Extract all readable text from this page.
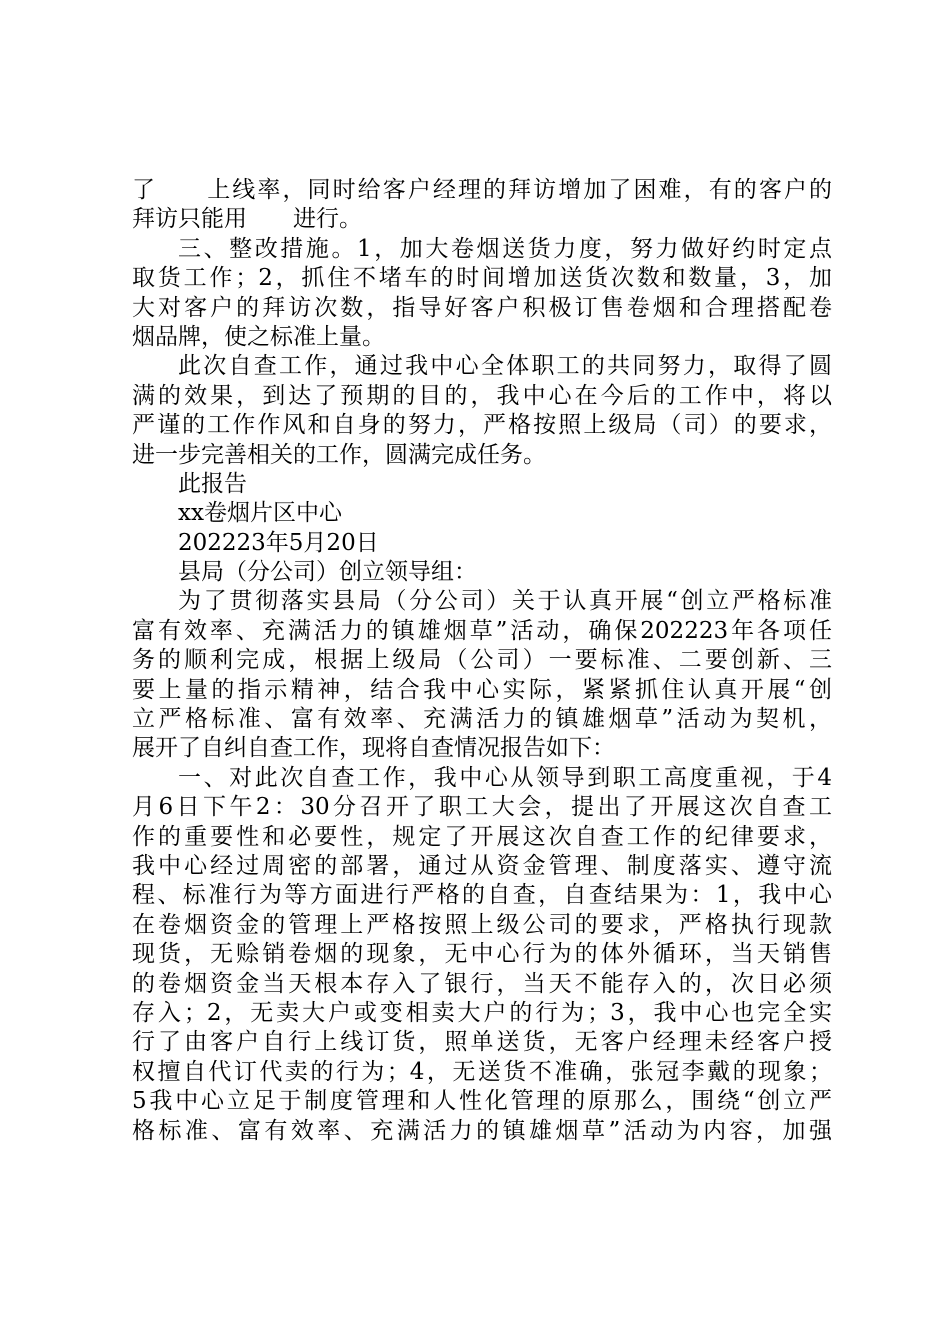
了　　上线率，同时给客户经理的拜访增加了困难，有的客户的
拜访只能用　　进行。
三、整改措施。1，加大卷烟送货力度，努力做好约时定点
取货工作；2，抓住不堵车的时间增加送货次数和数量，3，加
大对客户的拜访次数，指导好客户积极订售卷烟和合理搭配卷
烟品牌，使之标准上量。
此次自查工作，通过我中心全体职工的共同努力，取得了圆
满的效果，到达了预期的目的，我中心在今后的工作中，将以
严谨的工作作风和自身的努力，严格按照上级局（司）的要求，
进一步完善相关的工作，圆满完成任务。
此报告
xx卷烟片区中心
202223年5月20日
县局（分公司）创立领导组：
为了贯彻落实县局（分公司）关于认真开展“创立严格标准
富有效率、充满活力的镇雄烟草”活动，确保202223年各项任
务的顺利完成，根据上级局（公司）一要标准、二要创新、三
要上量的指示精神，结合我中心实际，紧紧抓住认真开展“创
立严格标准、富有效率、充满活力的镇雄烟草”活动为契机，
展开了自纠自查工作，现将自查情况报告如下：
一、对此次自查工作，我中心从领导到职工高度重视，于4
月6日下午2：30分召开了职工大会，提出了开展这次自查工
作的重要性和必要性，规定了开展这次自查工作的纪律要求，
我中心经过周密的部署，通过从资金管理、制度落实、遵守流
程、标准行为等方面进行严格的自查，自查结果为：1，我中心
在卷烟资金的管理上严格按照上级公司的要求，严格执行现款
现货，无赊销卷烟的现象，无中心行为的体外循环，当天销售
的卷烟资金当天根本存入了银行，当天不能存入的，次日必须
存入；2，无卖大户或变相卖大户的行为；3，我中心也完全实
行了由客户自行上线订货，照单送货，无客户经理未经客户授
权擅自代订代卖的行为；4，无送货不准确，张冠李戴的现象；
5我中心立足于制度管理和人性化管理的原那么，围绕“创立严
格标准、富有效率、充满活力的镇雄烟草”活动为内容，加强
